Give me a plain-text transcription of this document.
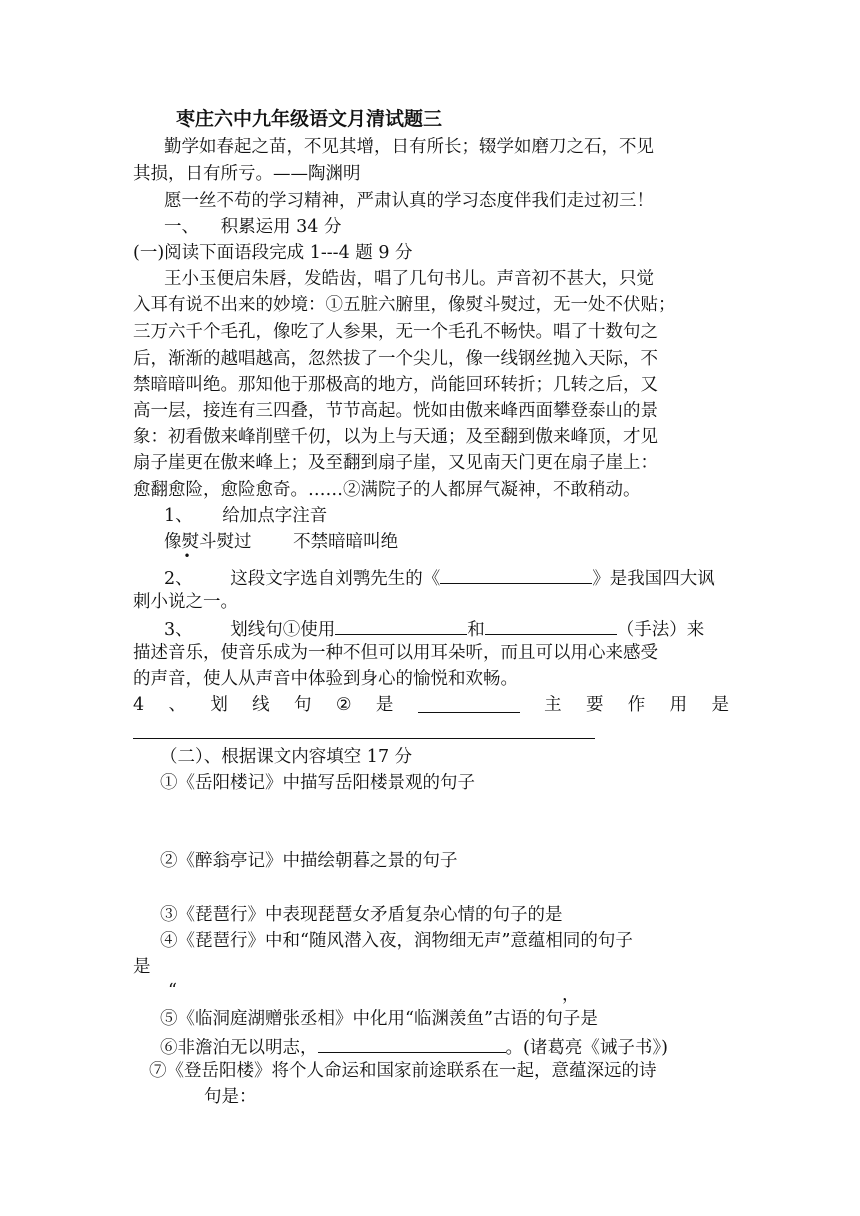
枣庄六中九年级语文月清试题三
勤学如春起之苗，不见其增，日有所长；辍学如磨刀之石，不见
其损，日有所亏。——陶渊明
愿一丝不苟的学习精神，严肃认真的学习态度伴我们走过初三！
一、 积累运用 34 分
(一)阅读下面语段完成 1---4 题 9 分
王小玉便启朱唇，发皓齿，唱了几句书儿。声音初不甚大，只觉
入耳有说不出来的妙境：①五脏六腑里，像熨斗熨过，无一处不伏贴；
三万六千个毛孔，像吃了人参果，无一个毛孔不畅快。唱了十数句之
后，渐渐的越唱越高，忽然拔了一个尖儿，像一线钢丝抛入天际，不
禁暗暗叫绝。那知他于那极高的地方，尚能回环转折；几转之后，又
高一层，接连有三四叠，节节高起。恍如由傲来峰西面攀登泰山的景
象：初看傲来峰削壁千仞，以为上与天通；及至翻到傲来峰顶，才见
扇子崖更在傲来峰上；及至翻到扇子崖，又见南天门更在扇子崖上：
愈翻愈险，愈险愈奇。……②满院子的人都屏气凝神，不敢稍动。
1、 给加点字注音
像熨
•
斗熨过 不禁暗暗叫绝
2、 这段文字选自刘鹗先生的《	》是我国四大讽
刺小说之一。
3、 划线句①使用	和	（手法）来
描述音乐，使音乐成为一种不但可以用耳朵听，而且可以用心来感受
的声音，使人从声音中体验到身心的愉悦和欢畅。
4 、 划 线 句 ② 是	主 要 作 用 是
（二）、根据课文内容填空 17 分
①《岳阳楼记》中描写岳阳楼景观的句子
②《醉翁亭记》中描绘朝暮之景的句子
③《琵琶行》中表现琵琶女矛盾复杂心情的句子的是
④《琵琶行》中和“随风潜入夜，润物细无声”意蕴相同的句子
是
“	，
⑤《临洞庭湖赠张丞相》中化用“临渊羡鱼”古语的句子是
⑥非澹泊无以明志，	。(诸葛亮《诫子书》)
⑦《登岳阳楼》将个人命运和国家前途联系在一起，意蕴深远的诗
句是：
